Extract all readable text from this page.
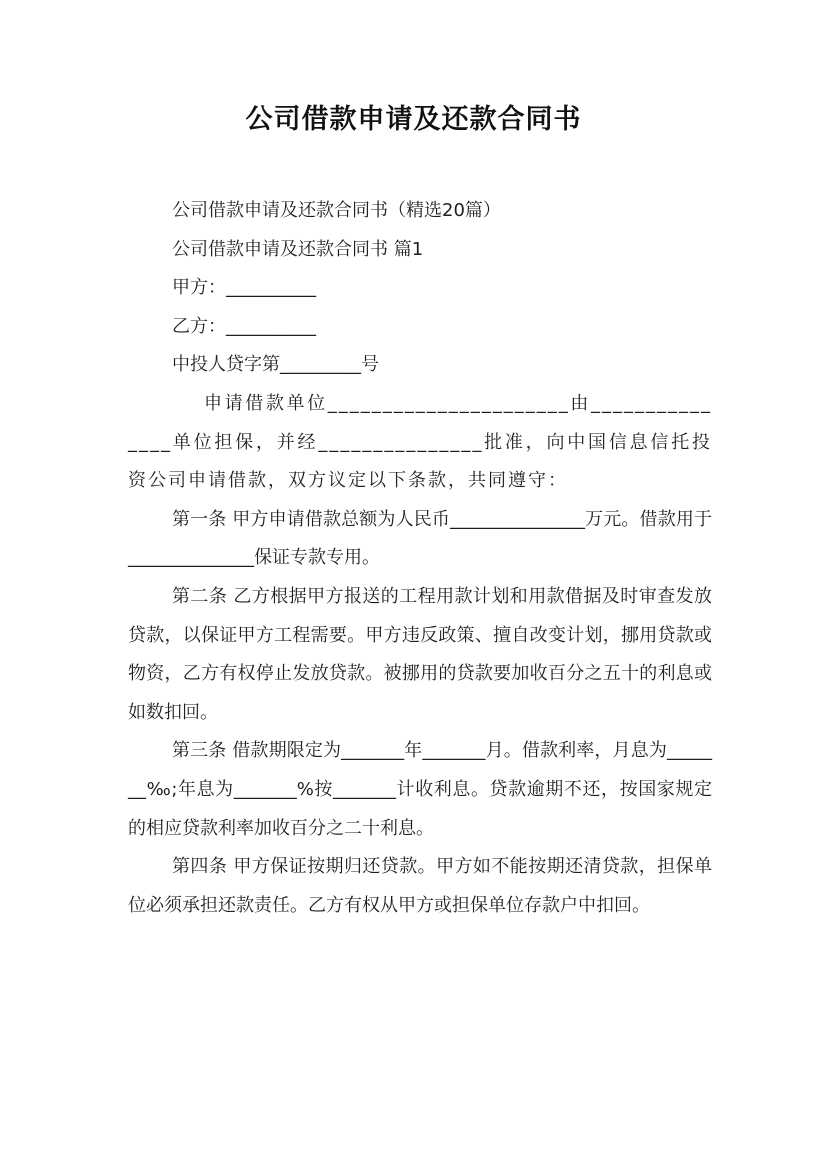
公司借款申请及还款合同书

公司借款申请及还款合同书（精选20篇）

公司借款申请及还款合同书 篇1

甲方：__________

乙方：__________

中投人贷字第_________号

申请借款单位______________________由_______________单位担保，并经_______________批准，向中国信息信托投资公司申请借款，双方议定以下条款，共同遵守：

第一条 甲方申请借款总额为人民币_______________万元。借款用于______________保证专款专用。

第二条 乙方根据甲方报送的工程用款计划和用款借据及时审查发放贷款，以保证甲方工程需要。甲方违反政策、擅自改变计划，挪用贷款或物资，乙方有权停止发放贷款。被挪用的贷款要加收百分之五十的利息或如数扣回。

第三条 借款期限定为_______年_______月。借款利率，月息为_______‰;年息为_______%按_______计收利息。贷款逾期不还，按国家规定的相应贷款利率加收百分之二十利息。

第四条 甲方保证按期归还贷款。甲方如不能按期还清贷款，担保单位必须承担还款责任。乙方有权从甲方或担保单位存款户中扣回。
